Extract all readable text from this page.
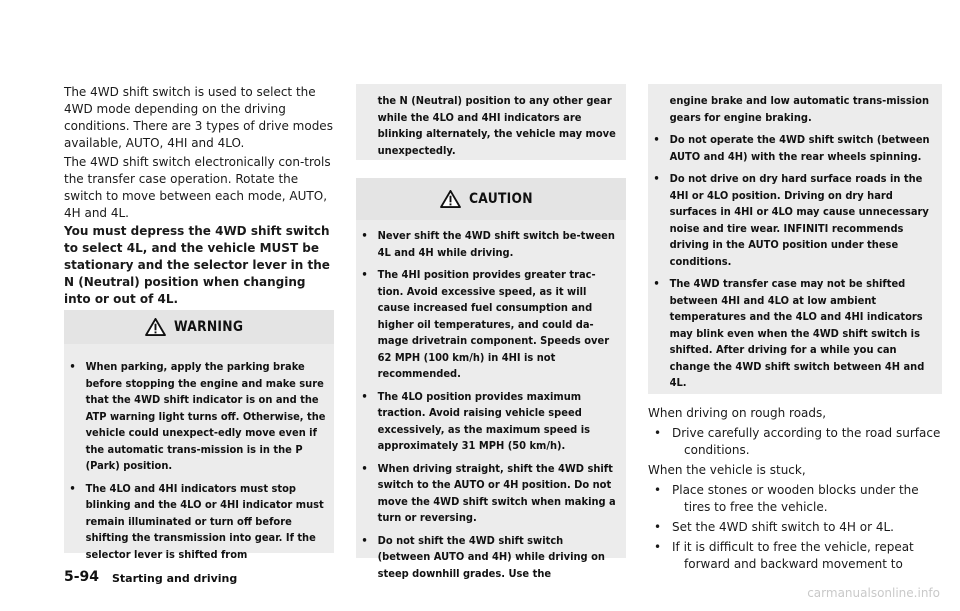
The 4WD shift switch is used to select the 4WD mode depending on the driving conditions. There are 3 types of drive modes available, AUTO, 4HI and 4LO.

The 4WD shift switch electronically con-trols the transfer case operation. Rotate the switch to move between each mode, AUTO, 4H and 4L.

You must depress the 4WD shift switch to select 4L, and the vehicle MUST be stationary and the selector lever in the N (Neutral) position when changing into or out of 4L.

WARNING
• When parking, apply the parking brake before stopping the engine and make sure that the 4WD shift indicator is on and the ATP warning light turns off. Otherwise, the vehicle could unexpect-edly move even if the automatic trans-mission is in the P (Park) position.
• The 4LO and 4HI indicators must stop blinking and the 4LO or 4HI indicator must remain illuminated or turn off before shifting the transmission into gear. If the selector lever is shifted from
the N (Neutral) position to any other gear while the 4LO and 4HI indicators are blinking alternately, the vehicle may move unexpectedly.
CAUTION
• Never shift the 4WD shift switch be-tween 4L and 4H while driving.
• The 4HI position provides greater trac-tion. Avoid excessive speed, as it will cause increased fuel consumption and higher oil temperatures, and could da-mage drivetrain component. Speeds over 62 MPH (100 km/h) in 4HI is not recommended.
• The 4LO position provides maximum traction. Avoid raising vehicle speed excessively, as the maximum speed is approximately 31 MPH (50 km/h).
• When driving straight, shift the 4WD shift switch to the AUTO or 4H position. Do not move the 4WD shift switch when making a turn or reversing.
• Do not shift the 4WD shift switch (between AUTO and 4H) while driving on steep downhill grades. Use the
engine brake and low automatic trans-mission gears for engine braking.
• Do not operate the 4WD shift switch (between AUTO and 4H) with the rear wheels spinning.
• Do not drive on dry hard surface roads in the 4HI or 4LO position. Driving on dry hard surfaces in 4HI or 4LO may cause unnecessary noise and tire wear. INFINITI recommends driving in the AUTO position under these conditions.
• The 4WD transfer case may not be shifted between 4HI and 4LO at low ambient temperatures and the 4LO and 4HI indicators may blink even when the 4WD shift switch is shifted. After driving for a while you can change the 4WD shift switch between 4H and 4L.
When driving on rough roads,
• Drive carefully according to the road surface conditions.
When the vehicle is stuck,
• Place stones or wooden blocks under the tires to free the vehicle.
• Set the 4WD shift switch to 4H or 4L.
• If it is difficult to free the vehicle, repeat forward and backward movement to
5-94 Starting and driving
carmanualsonline.info
